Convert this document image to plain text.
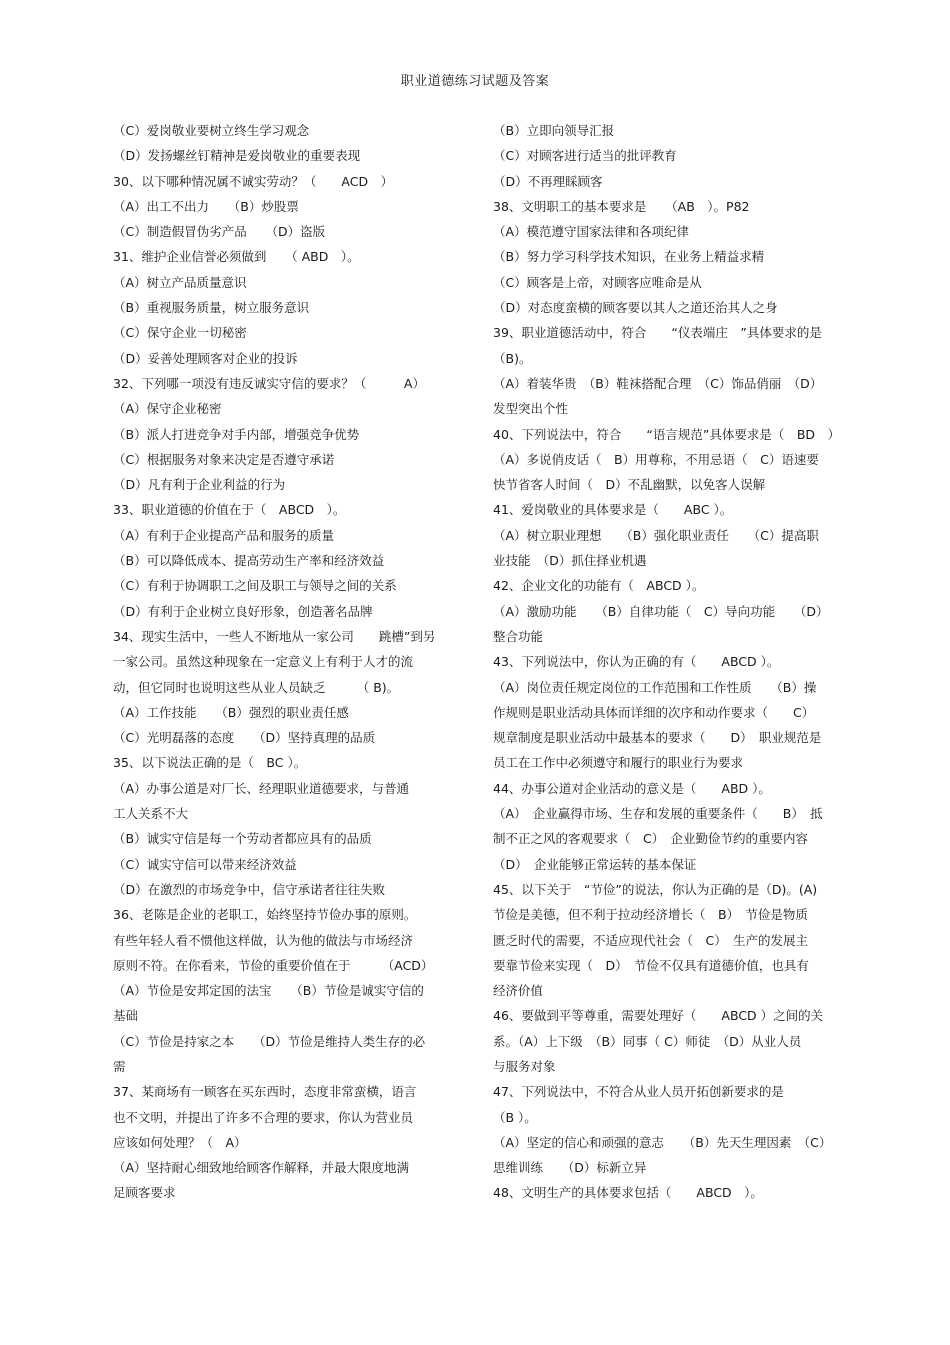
职业道德练习试题及答案
（C）爱岗敬业要树立终生学习观念
（D）发扬螺丝钉精神是爱岗敬业的重要表现
30、以下哪种情况属不诚实劳动？（　　ACD　）
（A）出工不出力　　（B）炒股票
（C）制造假冒伪劣产品　　（D）盗版
31、维护企业信誉必须做到　　（ ABD　）。
（A）树立产品质量意识
（B）重视服务质量，树立服务意识
（C）保守企业一切秘密
（D）妥善处理顾客对企业的投诉
32、下列哪一项没有违反诚实守信的要求？（　　　A）
（A）保守企业秘密
（B）派人打进竞争对手内部，增强竞争优势
（C）根据服务对象来决定是否遵守承诺
（D）凡有利于企业利益的行为
33、职业道德的价值在于（　ABCD　）。
（A）有利于企业提高产品和服务的质量
（B）可以降低成本、提高劳动生产率和经济效益
（C）有利于协调职工之间及职工与领导之间的关系
（D）有利于企业树立良好形象，创造著名品牌
34、现实生活中，一些人不断地从一家公司　　跳槽”到另
一家公司。虽然这种现象在一定意义上有利于人才的流
动，但它同时也说明这些从业人员缺乏　　　（ B)。
（A）工作技能　　（B）强烈的职业责任感
（C）光明磊落的态度　　（D）坚持真理的品质
35、以下说法正确的是（　BC ）。
（A）办事公道是对厂长、经理职业道德要求，与普通
工人关系不大
（B）诚实守信是每一个劳动者都应具有的品质
（C）诚实守信可以带来经济效益
（D）在激烈的市场竞争中，信守承诺者往往失败
36、老陈是企业的老职工，始终坚持节俭办事的原则。
有些年轻人看不惯他这样做，认为他的做法与市场经济
原则不符。在你看来，节俭的重要价值在于　　　（ACD）
（A）节俭是安邦定国的法宝　　（B）节俭是诚实守信的
基础
（C）节俭是持家之本　　（D）节俭是维持人类生存的必
需
37、某商场有一顾客在买东西时，态度非常蛮横，语言
也不文明，并提出了许多不合理的要求，你认为营业员
应该如何处理？（　A）
（A）坚持耐心细致地给顾客作解释，并最大限度地满
足顾客要求
（B）立即向领导汇报
（C）对顾客进行适当的批评教育
（D）不再理睬顾客
38、文明职工的基本要求是　　（AB　）。P82
（A）模范遵守国家法律和各项纪律
（B）努力学习科学技术知识，在业务上精益求精
（C）顾客是上帝，对顾客应唯命是从
（D）对态度蛮横的顾客要以其人之道还治其人之身
39、职业道德活动中，符合　　“仪表端庄　”具体要求的是
（B)。
（A）着装华贵　（B）鞋袜搭配合理　（C）饰品俏丽　（D）
发型突出个性
40、下列说法中，符合　　“语言规范”具体要求是（　BD　）
（A）多说俏皮话（　B）用尊称，不用忌语（　C）语速要
快节省客人时间（　D）不乱幽默，以免客人误解
41、爱岗敬业的具体要求是（　　ABC ）。
（A）树立职业理想　　（B）强化职业责任　　（C）提高职
业技能　（D）抓住择业机遇
42、企业文化的功能有（　ABCD ）。
（A）激励功能　　（B）自律功能（　C）导向功能　　（D）
整合功能
43、下列说法中，你认为正确的有（　　ABCD ）。
（A）岗位责任规定岗位的工作范围和工作性质　　（B）操
作规则是职业活动具体而详细的次序和动作要求（　　C）
规章制度是职业活动中最基本的要求（　　D）　职业规范是
员工在工作中必须遵守和履行的职业行为要求
44、办事公道对企业活动的意义是（　　ABD ）。
（A）　企业赢得市场、生存和发展的重要条件（　　B）　抵
制不正之风的客观要求（　C）　企业勤俭节约的重要内容
（D）　企业能够正常运转的基本保证
45、以下关于　“节俭”的说法，你认为正确的是（D)。(A)
节俭是美德，但不利于拉动经济增长（　B）　节俭是物质
匮乏时代的需要，不适应现代社会（　C）　生产的发展主
要靠节俭来实现（　D）　节俭不仅具有道德价值，也具有
经济价值
46、要做到平等尊重，需要处理好（　　ABCD ）之间的关
系。（A）上下级　（B）同事（ C）师徒　（D）从业人员
与服务对象
47、下列说法中，不符合从业人员开拓创新要求的是
（B ）。
（A）坚定的信心和顽强的意志　　（B）先天生理因素　（C）
思维训练　　（D）标新立异
48、文明生产的具体要求包括（　　ABCD　）。
